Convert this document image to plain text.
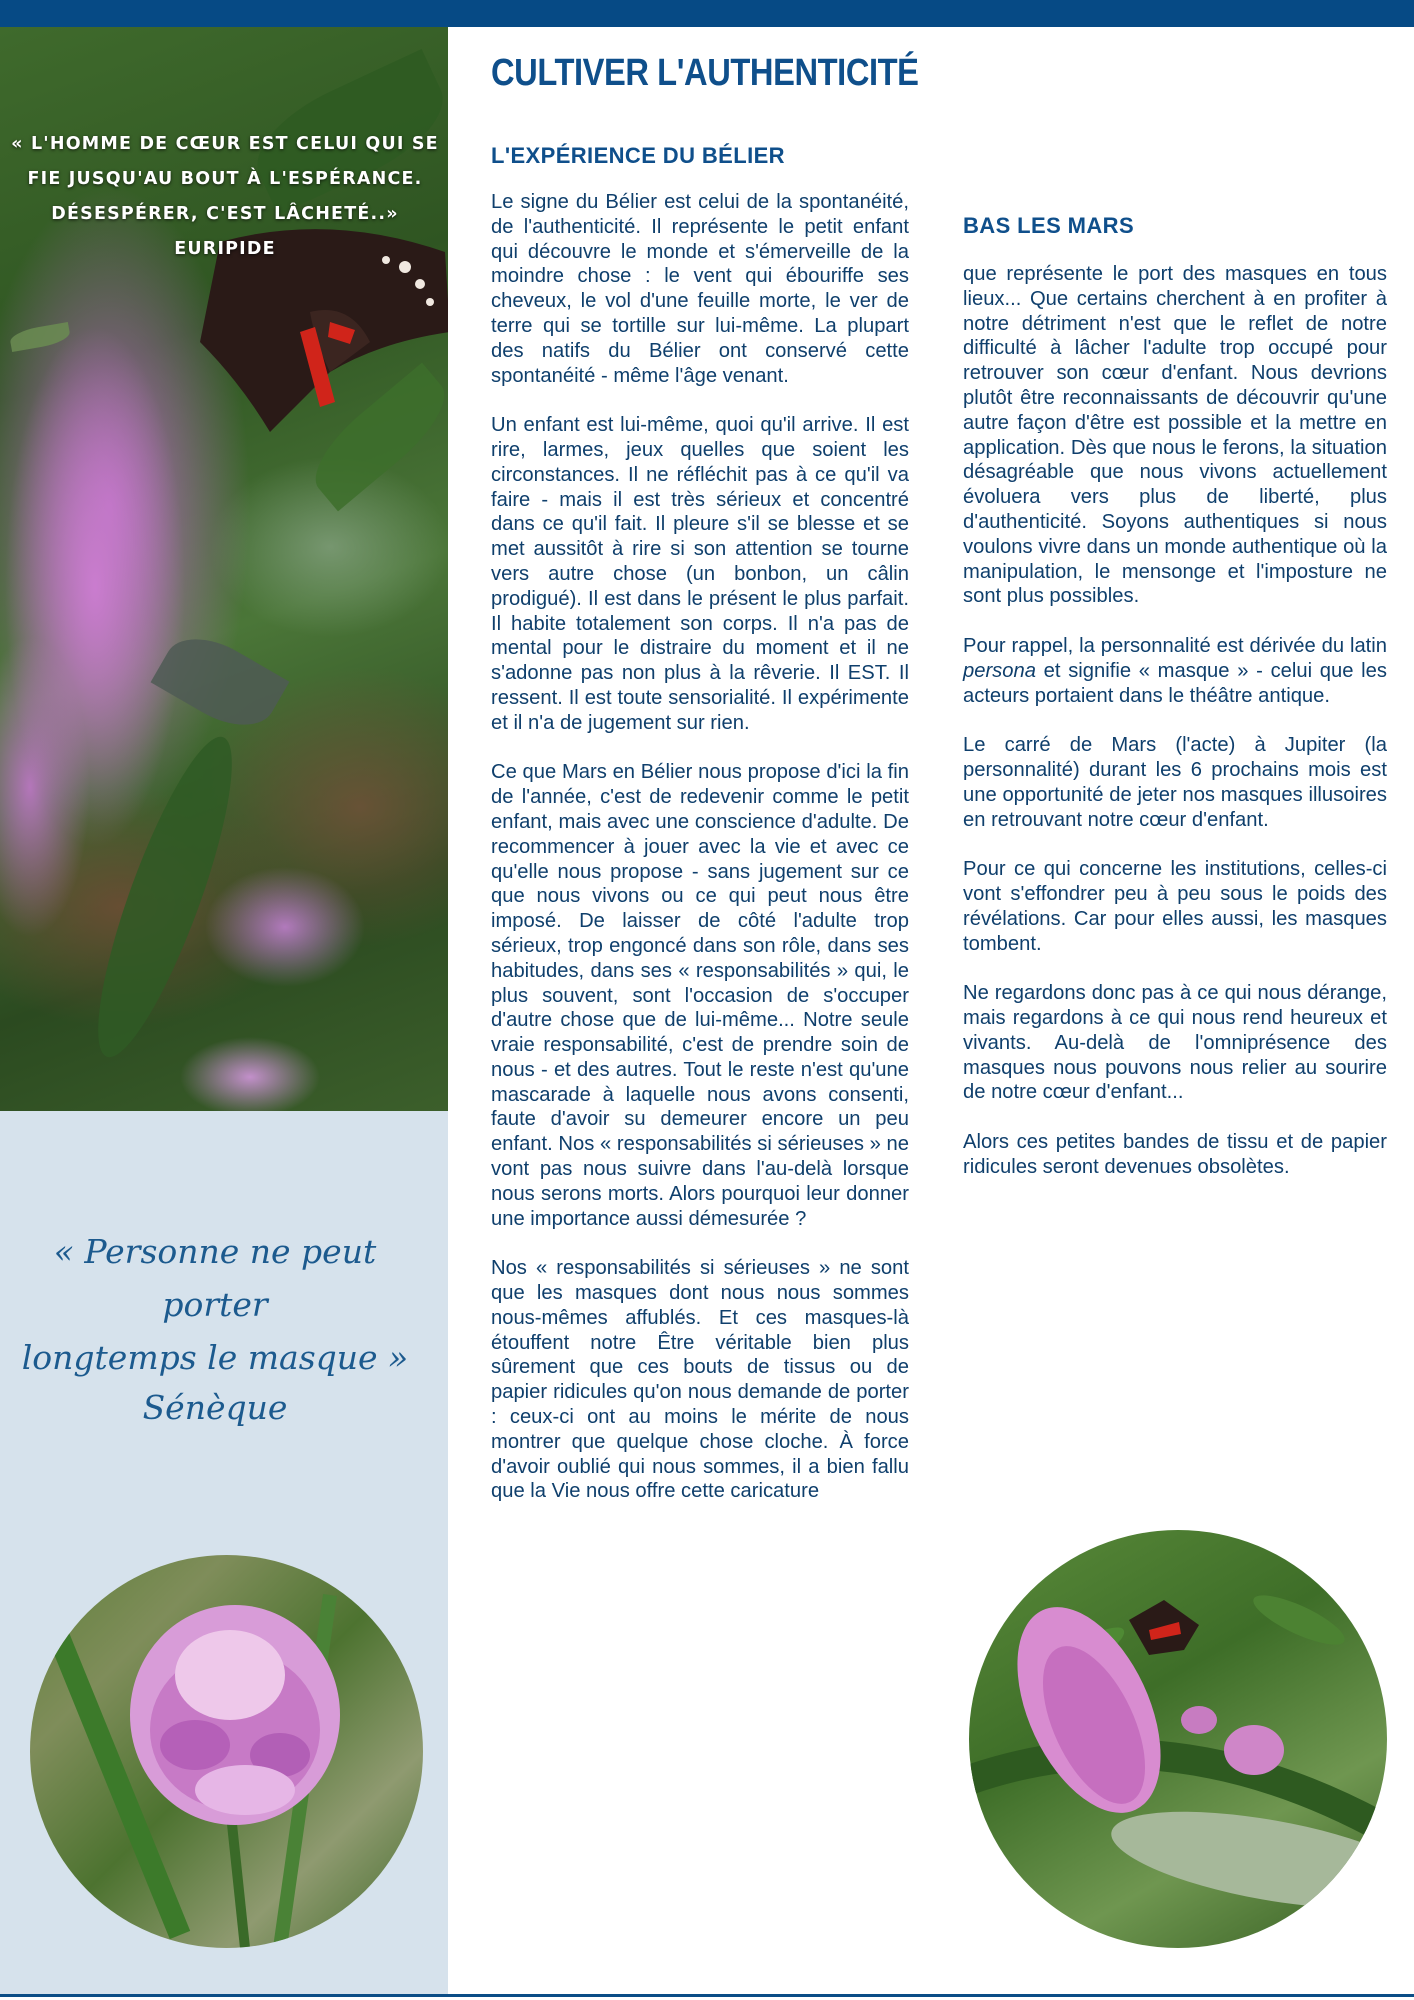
« L'HOMME DE CŒUR EST CELUI QUI SE
FIE JUSQU'AU BOUT À L'ESPÉRANCE.
DÉSESPÉRER, C'EST LÂCHETÉ..»
EURIPIDE
« Personne ne peut porter
longtemps le masque »
Sénèque
CULTIVER L'AUTHENTICITÉ
L'EXPÉRIENCE DU BÉLIER

Le signe du Bélier est celui de la spontanéité, de l'authenticité. Il représente le petit enfant qui découvre le monde et s'émerveille de la moindre chose : le vent qui ébouriffe ses cheveux, le vol d'une feuille morte, le ver de terre qui se tortille sur lui-même. La plupart des natifs du Bélier ont conservé cette spontanéité - même l'âge venant.

Un enfant est lui-même, quoi qu'il arrive. Il est rire, larmes, jeux quelles que soient les circonstances. Il ne réfléchit pas à ce qu'il va faire - mais il est très sérieux et concentré dans ce qu'il fait. Il pleure s'il se blesse et se met aussitôt à rire si son attention se tourne vers autre chose (un bonbon, un câlin prodigué). Il est dans le présent le plus parfait. Il habite totalement son corps. Il n'a pas de mental pour le distraire du moment et il ne s'adonne pas non plus à la rêverie. Il EST. Il ressent. Il est toute sensorialité. Il expérimente et il n'a de jugement sur rien.

Ce que Mars en Bélier nous propose d'ici la fin de l'année, c'est de redevenir comme le petit enfant, mais avec une conscience d'adulte. De recommencer à jouer avec la vie et avec ce qu'elle nous propose - sans jugement sur ce que nous vivons ou ce qui peut nous être imposé. De laisser de côté l'adulte trop sérieux, trop engoncé dans son rôle, dans ses habitudes, dans ses « responsabilités » qui, le plus souvent, sont l'occasion de s'occuper d'autre chose que de lui-même... Notre seule vraie responsabilité, c'est de prendre soin de nous - et des autres. Tout le reste n'est qu'une mascarade à laquelle nous avons consenti, faute d'avoir su demeurer encore un peu enfant. Nos « responsabilités si sérieuses » ne vont pas nous suivre dans l'au-delà lorsque nous serons morts. Alors pourquoi leur donner une importance aussi démesurée ?

Nos « responsabilités si sérieuses » ne sont que les masques dont nous nous sommes nous-mêmes affublés. Et ces masques-là étouffent notre Être véritable bien plus sûrement que ces bouts de tissus ou de papier ridicules qu'on nous demande de porter : ceux-ci ont au moins le mérite de nous montrer que quelque chose cloche. À force d'avoir oublié qui nous sommes, il a bien fallu que la Vie nous offre cette caricature

BAS LES MARS

que représente le port des masques en tous lieux... Que certains cherchent à en profiter à notre détriment n'est que le reflet de notre difficulté à lâcher l'adulte trop occupé pour retrouver son cœur d'enfant. Nous devrions plutôt être reconnaissants de découvrir qu'une autre façon d'être est possible et la mettre en application. Dès que nous le ferons, la situation désagréable que nous vivons actuellement évoluera vers plus de liberté, plus d'authenticité. Soyons authentiques si nous voulons vivre dans un monde authentique où la manipulation, le mensonge et l'imposture ne sont plus possibles.

Pour rappel, la personnalité est dérivée du latin persona et signifie « masque » - celui que les acteurs portaient dans le théâtre antique.

Le carré de Mars (l'acte) à Jupiter (la personnalité) durant les 6 prochains mois est une opportunité de jeter nos masques illusoires en retrouvant notre cœur d'enfant.

Pour ce qui concerne les institutions, celles-ci vont s'effondrer peu à peu sous le poids des révélations. Car pour elles aussi, les masques tombent.

Ne regardons donc pas à ce qui nous dérange, mais regardons à ce qui nous rend heureux et vivants. Au-delà de l'omniprésence des masques nous pouvons nous relier au sourire de notre cœur d'enfant...

Alors ces petites bandes de tissu et de papier ridicules seront devenues obsolètes.
